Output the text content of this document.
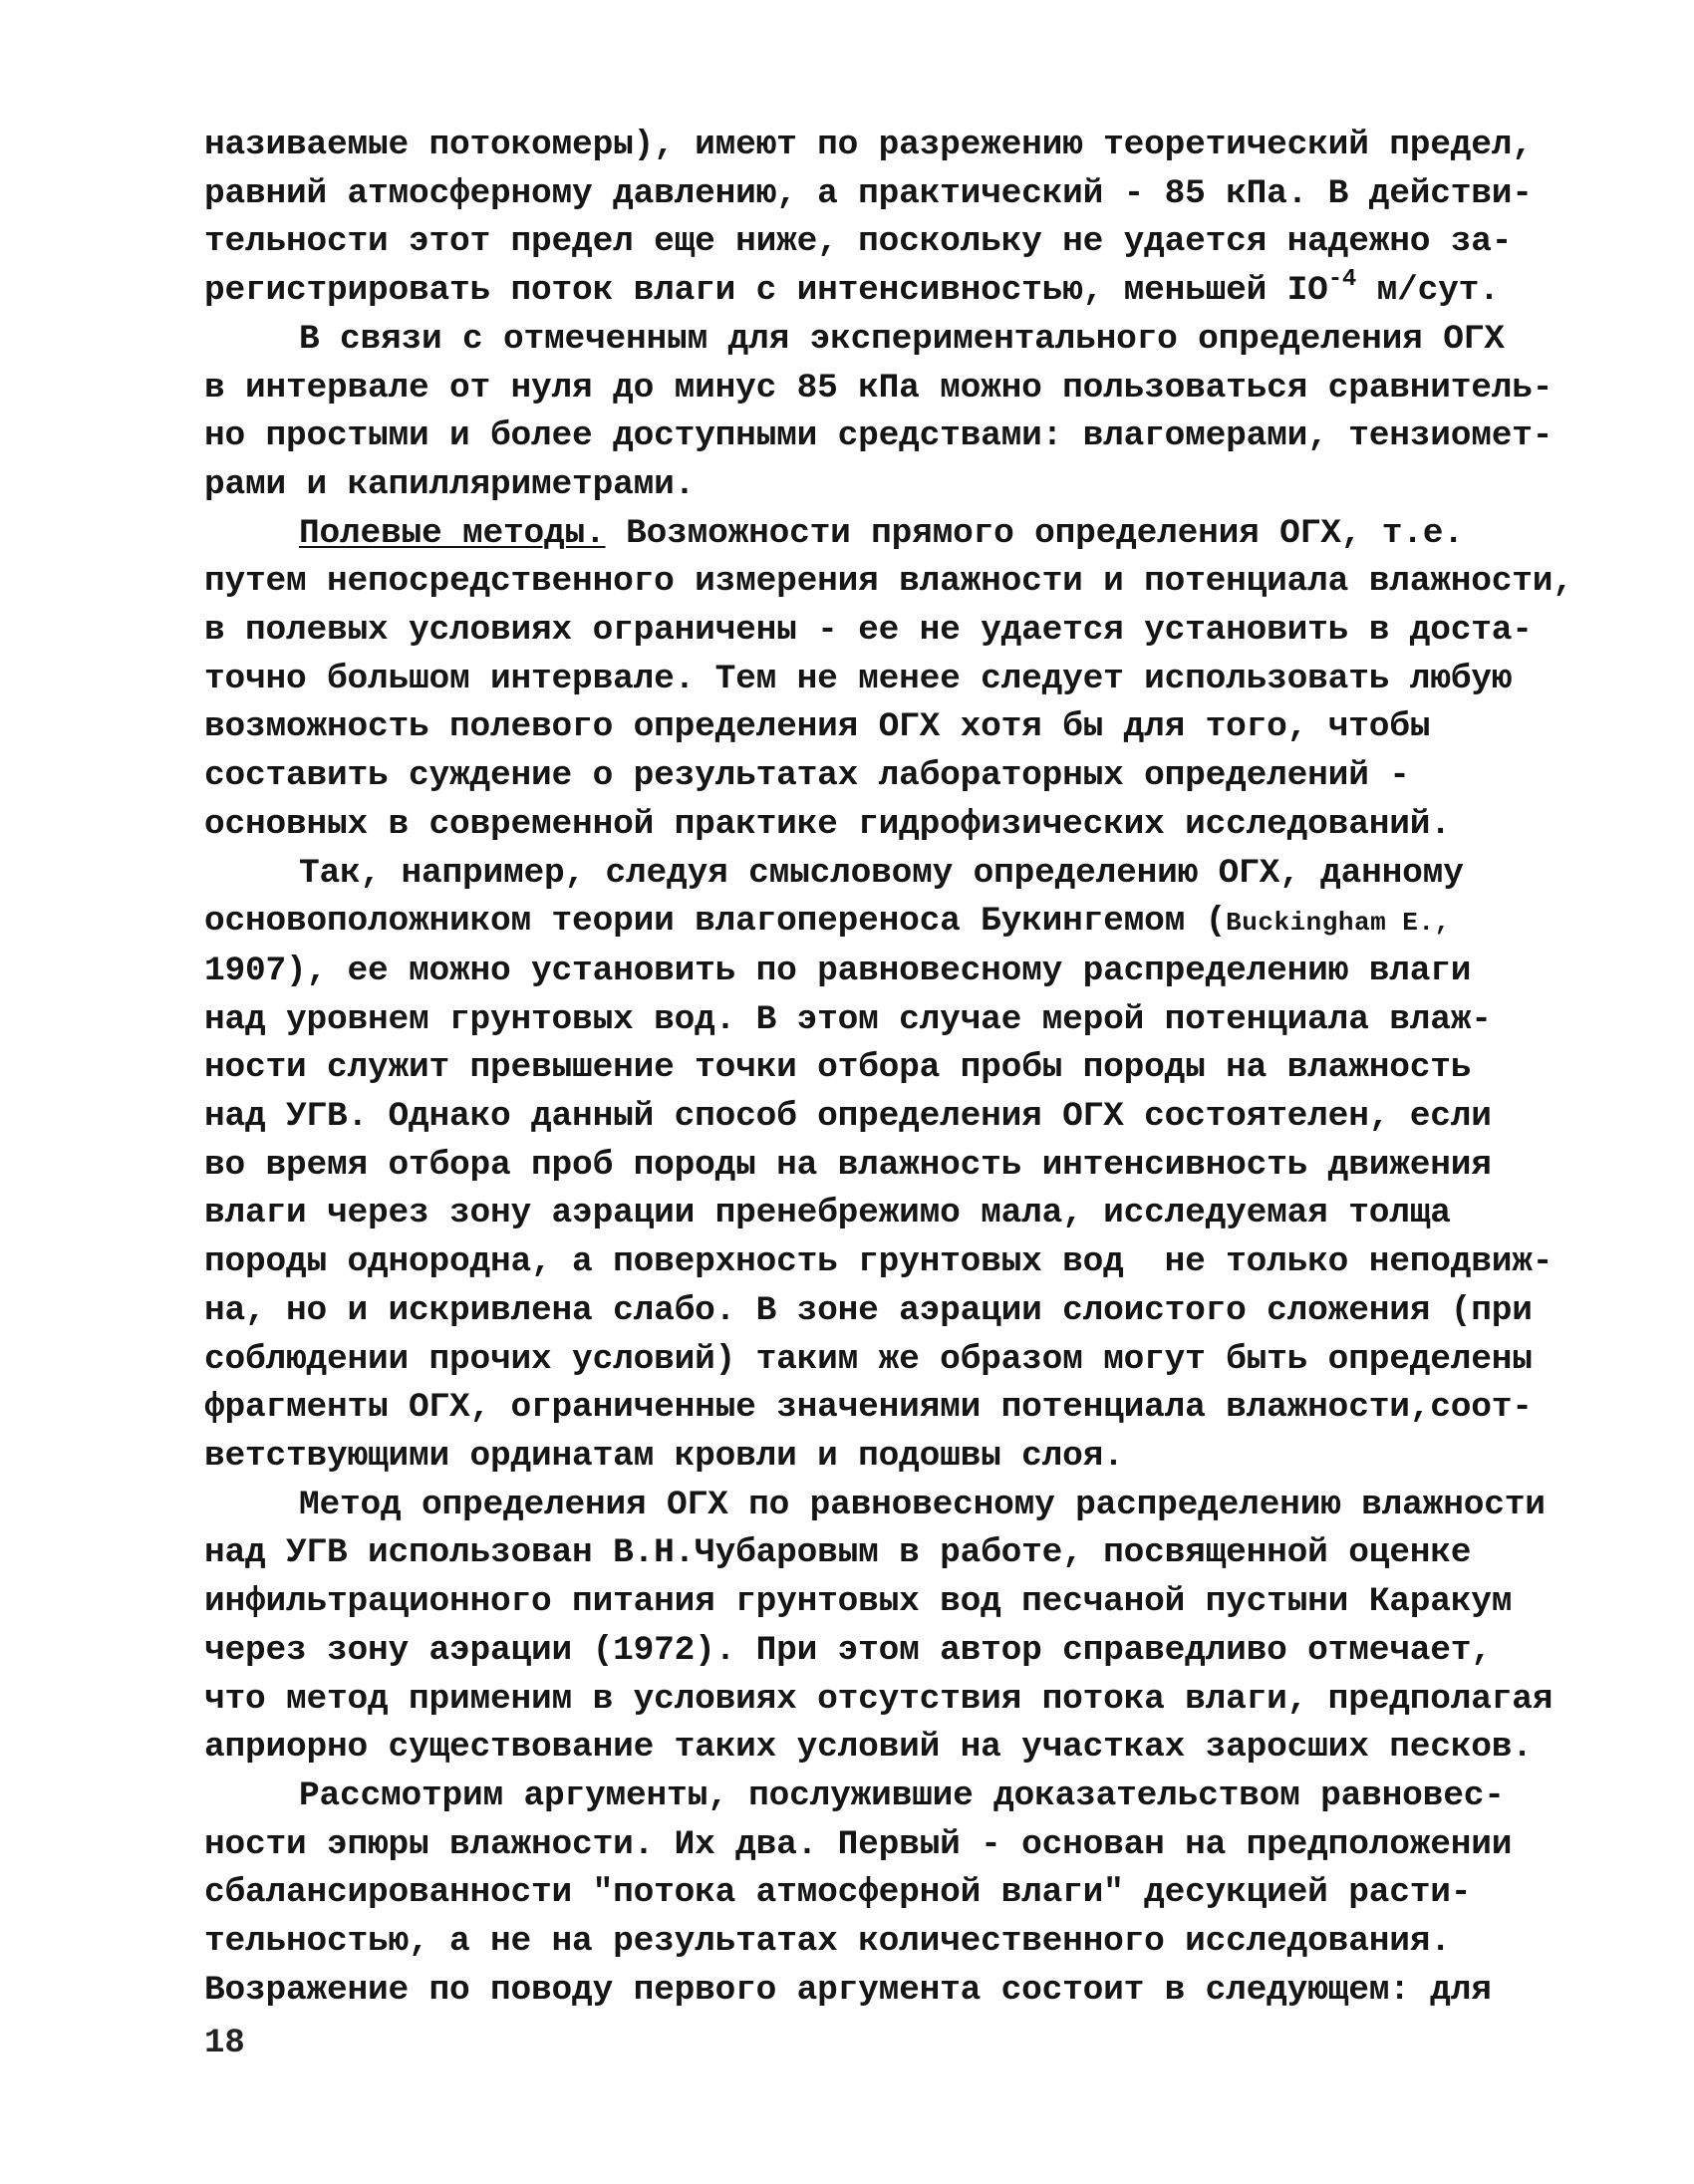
називаемые потокомеры), имеют по разрежению теоретический предел,
равний атмосферному давлению, а практический - 85 кПа. В действи-
тельности этот предел еще ниже, поскольку не удается надежно за-
регистрировать поток влаги с интенсивностью, меньшей $IO^{-4}$ м/сут.
В связи с отмеченным для экспериментального определения ОГХ
в интервале от нуля до минус 85 кПа можно пользоваться сравнитель-
но простыми и более доступными средствами: влагомерами, тензиомет-
рами и капилляриметрами.
Полевые методы. Возможности прямого определения ОГХ, т.е.
путем непосредственного измерения влажности и потенциала влажности,
в полевых условиях ограничены - ее не удается установить в доста-
точно большом интервале. Тем не менее следует использовать любую
возможность полевого определения ОГХ хотя бы для того, чтобы
составить суждение о результатах лабораторных определений -
основных в современной практике гидрофизических исследований.
Так, например, следуя смысловому определению ОГХ, данному
основоположником теории влагопереноса Букингемом (Buckingham E.,
1907), ее можно установить по равновесному распределению влаги
над уровнем грунтовых вод. В этом случае мерой потенциала влаж-
ности служит превышение точки отбора пробы породы на влажность
над УГВ. Однако данный способ определения ОГХ состоятелен, если
во время отбора проб породы на влажность интенсивность движения
влаги через зону аэрации пренебрежимо мала, исследуемая толща
породы однородна, а поверхность грунтовых вод  не только неподвиж-
на, но и искривлена слабо. В зоне аэрации слоистого сложения (при
соблюдении прочих условий) таким же образом могут быть определены
фрагменты ОГХ, ограниченные значениями потенциала влажности,соот-
ветствующими ординатам кровли и подошвы слоя.
Метод определения ОГХ по равновесному распределению влажности
над УГВ использован В.Н.Чубаровым в работе, посвященной оценке
инфильтрационного питания грунтовых вод песчаной пустыни Каракум
через зону аэрации (1972). При этом автор справедливо отмечает,
что метод применим в условиях отсутствия потока влаги, предполагая
априорно существование таких условий на участках заросших песков.
Рассмотрим аргументы, послужившие доказательством равновес-
ности эпюры влажности. Их два. Первый - основан на предположении
сбалансированности "потока атмосферной влаги" десукцией расти-
тельностью, а не на результатах количественного исследования.
Возражение по поводу первого аргумента состоит в следующем: для
18
